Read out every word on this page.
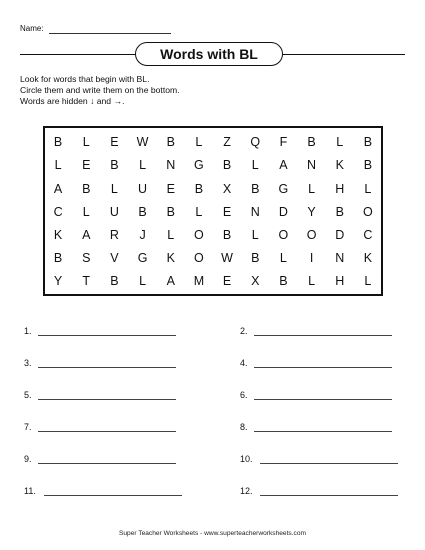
Name:
Words with BL
Look for words that begin with BL.
Circle them and write them on the bottom.
Words are hidden ↓ and →.
B	L	E	W	B	L	Z	Q	F	B	L	B
L	E	B	L	N	G	B	L	A	N	K	B
A	B	L	U	E	B	X	B	G	L	H	L
C	L	U	B	B	L	E	N	D	Y	B	O
K	A	R	J	L	O	B	L	O	O	D	C
B	S	V	G	K	O	W	B	L	I	N	K
Y	T	B	L	A	M	E	X	B	L	H	L
1.	2.
3.	4.
5.	6.
7.	8.
9.	10.
11.	12.
Super Teacher Worksheets - www.superteacherworksheets.com
